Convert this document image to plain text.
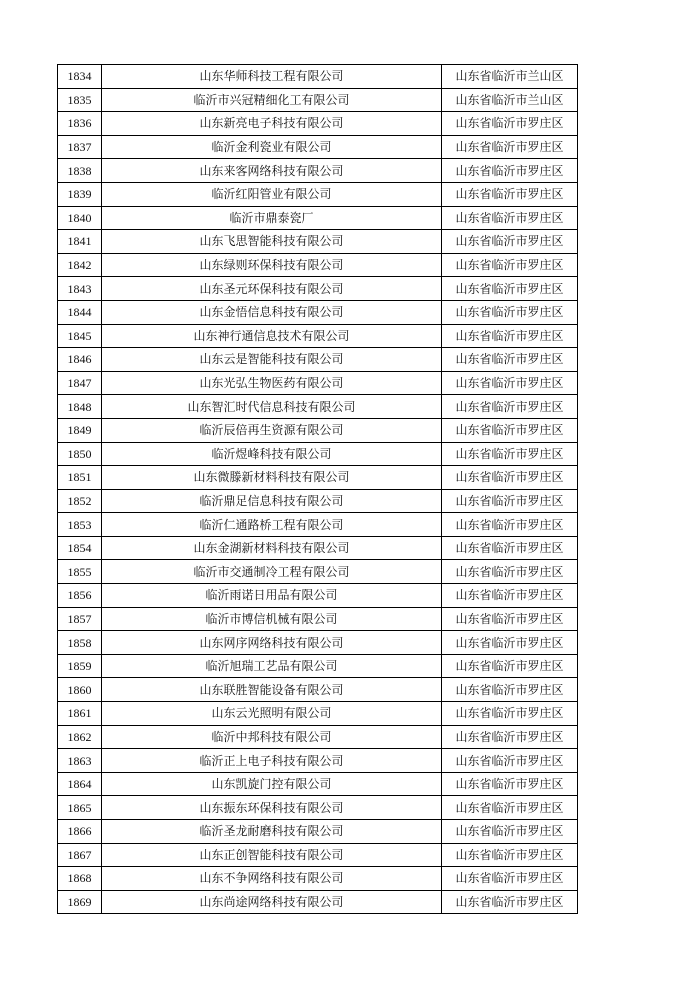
1834	山东华师科技工程有限公司	山东省临沂市兰山区
1835	临沂市兴冠精细化工有限公司	山东省临沂市兰山区
1836	山东新亮电子科技有限公司	山东省临沂市罗庄区
1837	临沂金利瓷业有限公司	山东省临沂市罗庄区
1838	山东来客网络科技有限公司	山东省临沂市罗庄区
1839	临沂红阳管业有限公司	山东省临沂市罗庄区
1840	临沂市鼎泰瓷厂	山东省临沂市罗庄区
1841	山东飞思智能科技有限公司	山东省临沂市罗庄区
1842	山东绿则环保科技有限公司	山东省临沂市罗庄区
1843	山东圣元环保科技有限公司	山东省临沂市罗庄区
1844	山东金悟信息科技有限公司	山东省临沂市罗庄区
1845	山东神行通信息技术有限公司	山东省临沂市罗庄区
1846	山东云是智能科技有限公司	山东省临沂市罗庄区
1847	山东光弘生物医药有限公司	山东省临沂市罗庄区
1848	山东智汇时代信息科技有限公司	山东省临沂市罗庄区
1849	临沂辰倍再生资源有限公司	山东省临沂市罗庄区
1850	临沂煜峰科技有限公司	山东省临沂市罗庄区
1851	山东微滕新材料科技有限公司	山东省临沂市罗庄区
1852	临沂鼎足信息科技有限公司	山东省临沂市罗庄区
1853	临沂仁通路桥工程有限公司	山东省临沂市罗庄区
1854	山东金湖新材料科技有限公司	山东省临沂市罗庄区
1855	临沂市交通制冷工程有限公司	山东省临沂市罗庄区
1856	临沂雨诺日用品有限公司	山东省临沂市罗庄区
1857	临沂市博信机械有限公司	山东省临沂市罗庄区
1858	山东网序网络科技有限公司	山东省临沂市罗庄区
1859	临沂旭瑞工艺品有限公司	山东省临沂市罗庄区
1860	山东联胜智能设备有限公司	山东省临沂市罗庄区
1861	山东云光照明有限公司	山东省临沂市罗庄区
1862	临沂中邦科技有限公司	山东省临沂市罗庄区
1863	临沂正上电子科技有限公司	山东省临沂市罗庄区
1864	山东凯旋门控有限公司	山东省临沂市罗庄区
1865	山东振东环保科技有限公司	山东省临沂市罗庄区
1866	临沂圣龙耐磨科技有限公司	山东省临沂市罗庄区
1867	山东正创智能科技有限公司	山东省临沂市罗庄区
1868	山东不争网络科技有限公司	山东省临沂市罗庄区
1869	山东尚途网络科技有限公司	山东省临沂市罗庄区
